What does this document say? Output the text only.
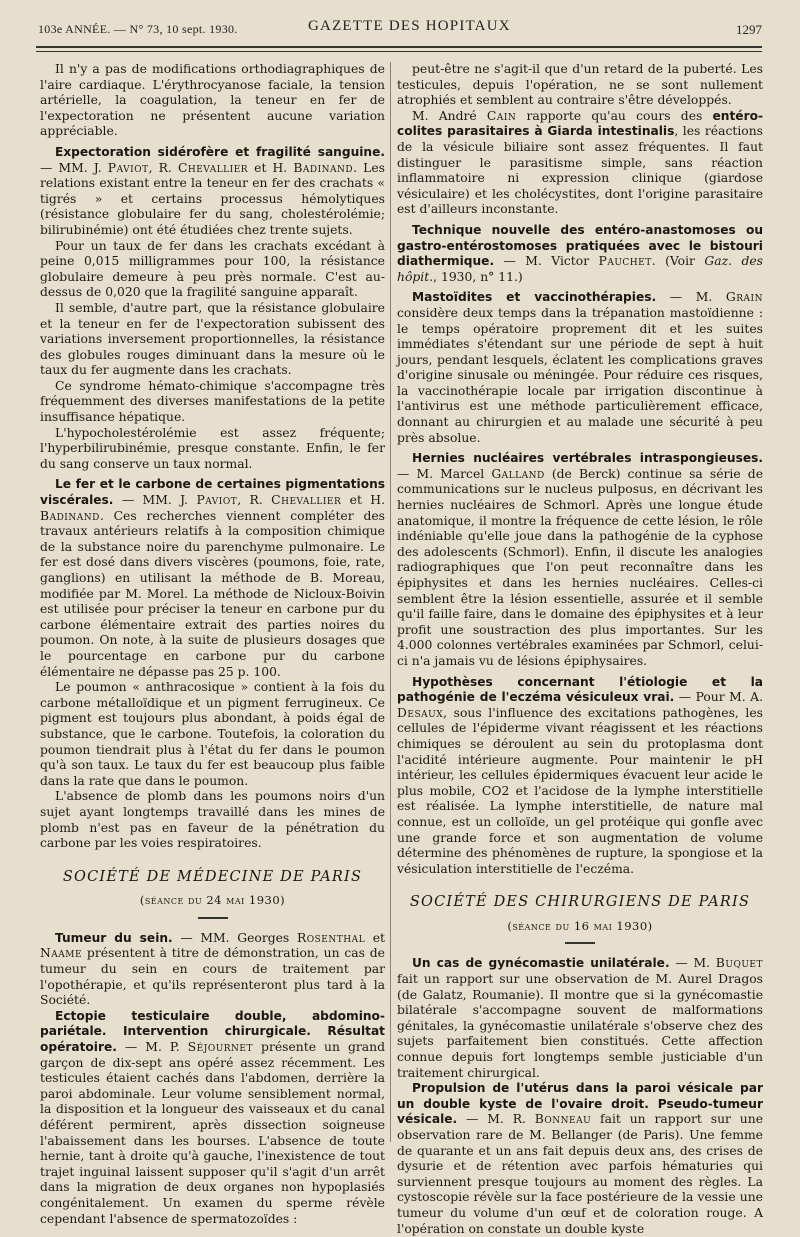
103e ANNÉE. — N° 73, 10 sept. 1930.	GAZETTE DES HOPITAUX	1297

Il n'y a pas de modifications orthodiagraphiques de l'aire cardiaque. L'érythrocyanose faciale, la tension artérielle, la coagulation, la teneur en fer de l'expectoration ne présentent aucune variation appréciable.

Expectoration sidérofère et fragilité sanguine. — MM. J. Paviot, R. Chevallier et H. Badinand. Les relations existant entre la teneur en fer des crachats « tigrés » et certains processus hémolytiques (résistance globulaire fer du sang, cholestérolémie; bilirubinémie) ont été étudiées chez trente sujets.

Pour un taux de fer dans les crachats excédant à peine 0,015 milligrammes pour 100, la résistance globulaire demeure à peu près normale. C'est au-dessus de 0,020 que la fragilité sanguine apparaît.

Il semble, d'autre part, que la résistance globulaire et la teneur en fer de l'expectoration subissent des variations inversement proportionnelles, la résistance des globules rouges diminuant dans la mesure où le taux du fer augmente dans les crachats.

Ce syndrome hémato-chimique s'accompagne très fréquemment des diverses manifestations de la petite insuffisance hépatique.

L'hypocholestérolémie est assez fréquente; l'hyperbilirubinémie, presque constante. Enfin, le fer du sang conserve un taux normal.

Le fer et le carbone de certaines pigmentations viscérales. — MM. J. Paviot, R. Chevallier et H. Badinand. Ces recherches viennent compléter des travaux antérieurs relatifs à la composition chimique de la substance noire du parenchyme pulmonaire. Le fer est dosé dans divers viscères (poumons, foie, rate, ganglions) en utilisant la méthode de B. Moreau, modifiée par M. Morel. La méthode de Nicloux-Boivin est utilisée pour préciser la teneur en carbone pur du carbone élémentaire extrait des parties noires du poumon. On note, à la suite de plusieurs dosages que le pourcentage en carbone pur du carbone élémentaire ne dépasse pas 25 p. 100.

Le poumon « anthracosique » contient à la fois du carbone métalloïdique et un pigment ferrugineux. Ce pigment est toujours plus abondant, à poids égal de substance, que le carbone. Toutefois, la coloration du poumon tiendrait plus à l'état du fer dans le poumon qu'à son taux. Le taux du fer est beaucoup plus faible dans la rate que dans le poumon.

L'absence de plomb dans les poumons noirs d'un sujet ayant longtemps travaillé dans les mines de plomb n'est pas en faveur de la pénétration du carbone par les voies respiratoires.

SOCIÉTÉ DE MÉDECINE DE PARIS
(séance du 24 mai 1930)

Tumeur du sein. — MM. Georges Rosenthal et Naame présentent à titre de démonstration, un cas de tumeur du sein en cours de traitement par l'opothérapie, et qu'ils représenteront plus tard à la Société.

Ectopie testiculaire double, abdomino-pariétale. Intervention chirurgicale. Résultat opératoire. — M. P. Séjournet présente un grand garçon de dix-sept ans opéré assez récemment. Les testicules étaient cachés dans l'abdomen, derrière la paroi abdominale. Leur volume sensiblement normal, la disposition et la longueur des vaisseaux et du canal déférent permirent, après dissection soigneuse l'abaissement dans les bourses. L'absence de toute hernie, tant à droite qu'à gauche, l'inexistence de tout trajet inguinal laissent supposer qu'il s'agit d'un arrêt dans la migration de deux organes non hypoplasiés congénitalement. Un examen du sperme révèle cependant l'absence de spermatozoïdes :

peut-être ne s'agit-il que d'un retard de la puberté. Les testicules, depuis l'opération, ne se sont nullement atrophiés et semblent au contraire s'être développés.

M. André Cain rapporte qu'au cours des entéro-colites parasitaires à Giarda intestinalis, les réactions de la vésicule biliaire sont assez fréquentes. Il faut distinguer le parasitisme simple, sans réaction inflammatoire ni expression clinique (giardose vésiculaire) et les cholécystites, dont l'origine parasitaire est d'ailleurs inconstante.

Technique nouvelle des entéro-anastomoses ou gastro-entérostomoses pratiquées avec le bistouri diathermique. — M. Victor Pauchet. (Voir Gaz. des hôpit., 1930, n° 11.)

Mastoïdites et vaccinothérapies. — M. Grain considère deux temps dans la trépanation mastoïdienne : le temps opératoire proprement dit et les suites immédiates s'étendant sur une période de sept à huit jours, pendant lesquels, éclatent les complications graves d'origine sinusale ou méningée. Pour réduire ces risques, la vaccinothérapie locale par irrigation discontinue à l'antivirus est une méthode particulièrement efficace, donnant au chirurgien et au malade une sécurité à peu près absolue.

Hernies nucléaires vertébrales intraspongieuses. — M. Marcel Galland (de Berck) continue sa série de communications sur le nucleus pulposus, en décrivant les hernies nucléaires de Schmorl. Après une longue étude anatomique, il montre la fréquence de cette lésion, le rôle indéniable qu'elle joue dans la pathogénie de la cyphose des adolescents (Schmorl). Enfin, il discute les analogies radiographiques que l'on peut reconnaître dans les épiphysites et dans les hernies nucléaires. Celles-ci semblent être la lésion essentielle, assurée et il semble qu'il faille faire, dans le domaine des épiphysites et à leur profit une soustraction des plus importantes. Sur les 4.000 colonnes vertébrales examinées par Schmorl, celui-ci n'a jamais vu de lésions épiphysaires.

Hypothèses concernant l'étiologie et la pathogénie de l'eczéma vésiculeux vrai. — Pour M. A. Desaux, sous l'influence des excitations pathogènes, les cellules de l'épiderme vivant réagissent et les réactions chimiques se déroulent au sein du protoplasma dont l'acidité intérieure augmente. Pour maintenir le pH intérieur, les cellules épidermiques évacuent leur acide le plus mobile, CO2 et l'acidose de la lymphe interstitielle est réalisée. La lymphe interstitielle, de nature mal connue, est un colloïde, un gel protéique qui gonfle avec une grande force et son augmentation de volume détermine des phénomènes de rupture, la spongiose et la vésiculation interstitielle de l'eczéma.

SOCIÉTÉ DES CHIRURGIENS DE PARIS
(séance du 16 mai 1930)

Un cas de gynécomastie unilatérale. — M. Buquet fait un rapport sur une observation de M. Aurel Dragos (de Galatz, Roumanie). Il montre que si la gynécomastie bilatérale s'accompagne souvent de malformations génitales, la gynécomastie unilatérale s'observe chez des sujets parfaitement bien constitués. Cette affection connue depuis fort longtemps semble justiciable d'un traitement chirurgical.

Propulsion de l'utérus dans la paroi vésicale par un double kyste de l'ovaire droit. Pseudo-tumeur vésicale. — M. R. Bonneau fait un rapport sur une observation rare de M. Bellanger (de Paris). Une femme de quarante et un ans fait depuis deux ans, des crises de dysurie et de rétention avec parfois hématuries qui surviennent presque toujours au moment des règles. La cystoscopie révèle sur la face postérieure de la vessie une tumeur du volume d'un œuf et de coloration rouge. A l'opération on constate un double kyste
